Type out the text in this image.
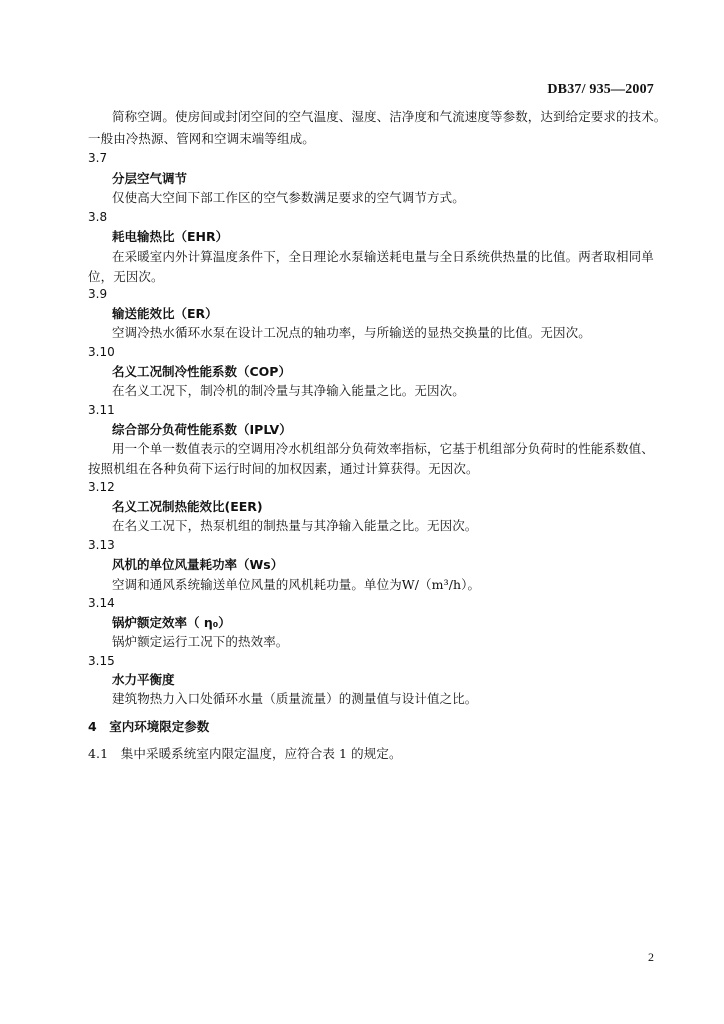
DB37/ 935—2007
简称空调。使房间或封闭空间的空气温度、湿度、洁净度和气流速度等参数，达到给定要求的技术。
一般由冷热源、管网和空调末端等组成。
3.7
分层空气调节
仅使高大空间下部工作区的空气参数满足要求的空气调节方式。
3.8
耗电输热比（EHR）
在采暖室内外计算温度条件下，全日理论水泵输送耗电量与全日系统供热量的比值。两者取相同单
位，无因次。
3.9
输送能效比（ER）
空调冷热水循环水泵在设计工况点的轴功率，与所输送的显热交换量的比值。无因次。
3.10
名义工况制冷性能系数（COP）
在名义工况下，制冷机的制冷量与其净输入能量之比。无因次。
3.11
综合部分负荷性能系数（IPLV）
用一个单一数值表示的空调用冷水机组部分负荷效率指标，它基于机组部分负荷时的性能系数值、
按照机组在各种负荷下运行时间的加权因素，通过计算获得。无因次。
3.12
名义工况制热能效比(EER)
在名义工况下，热泵机组的制热量与其净输入能量之比。无因次。
3.13
风机的单位风量耗功率（Ws）
空调和通风系统输送单位风量的风机耗功量。单位为W/（m³/h）。
3.14
锅炉额定效率（ η₀）
锅炉额定运行工况下的热效率。
3.15
水力平衡度
建筑物热力入口处循环水量（质量流量）的测量值与设计值之比。
4　室内环境限定参数
4.1　集中采暖系统室内限定温度，应符合表 1 的规定。
2
